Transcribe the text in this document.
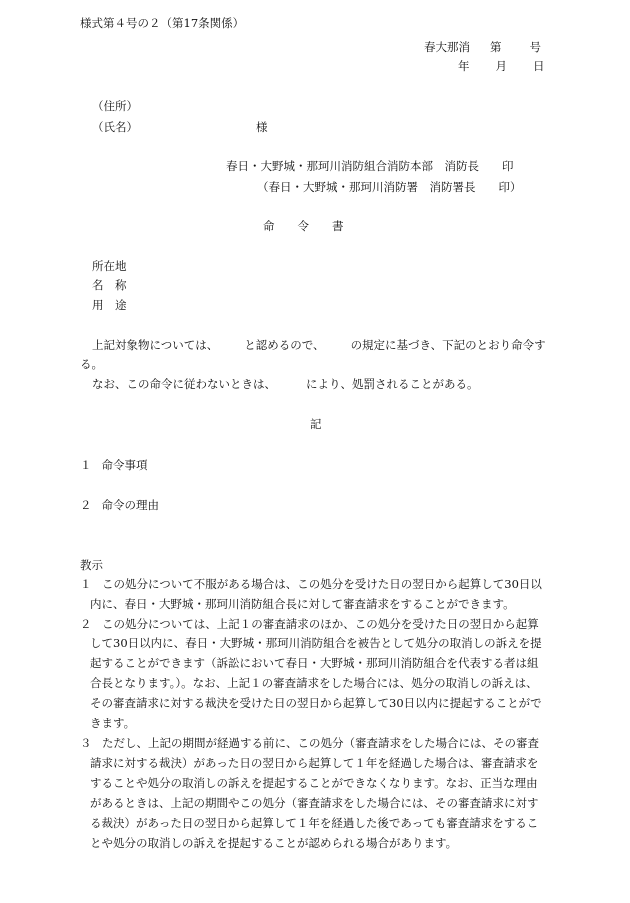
様式第４号の２（第17条関係）
春大那消 第 号
年 月 日
（住所）
（氏名）	様
春日・大野城・那珂川消防組合消防本部　消防長　　印
（春日・大野城・那珂川消防署　消防署長　　印）
命　　令　　書
所在地
名　称
用　途
上記対象物については、 と認めるので、 の規定に基づき、下記のとおり命令す
る。
なお、この命令に従わないときは、	により、処罰されることがある。
記
１ 命令事項
２ 命令の理由
教示
１ この処分について不服がある場合は、この処分を受けた日の翌日から起算して30日以
内に、春日・大野城・那珂川消防組合長に対して審査請求をすることができます。
２ この処分については、上記１の審査請求のほか、この処分を受けた日の翌日から起算
して30日以内に、春日・大野城・那珂川消防組合を被告として処分の取消しの訴えを提
起することができます（訴訟において春日・大野城・那珂川消防組合を代表する者は組
合長となります。）。なお、上記１の審査請求をした場合には、処分の取消しの訴えは、
その審査請求に対する裁決を受けた日の翌日から起算して30日以内に提起することがで
きます。
３ ただし、上記の期間が経過する前に、この処分（審査請求をした場合には、その審査
請求に対する裁決）があった日の翌日から起算して１年を経過した場合は、審査請求を
することや処分の取消しの訴えを提起することができなくなります。なお、正当な理由
があるときは、上記の期間やこの処分（審査請求をした場合には、その審査請求に対す
る裁決）があった日の翌日から起算して１年を経過した後であっても審査請求をするこ
とや処分の取消しの訴えを提起することが認められる場合があります。
